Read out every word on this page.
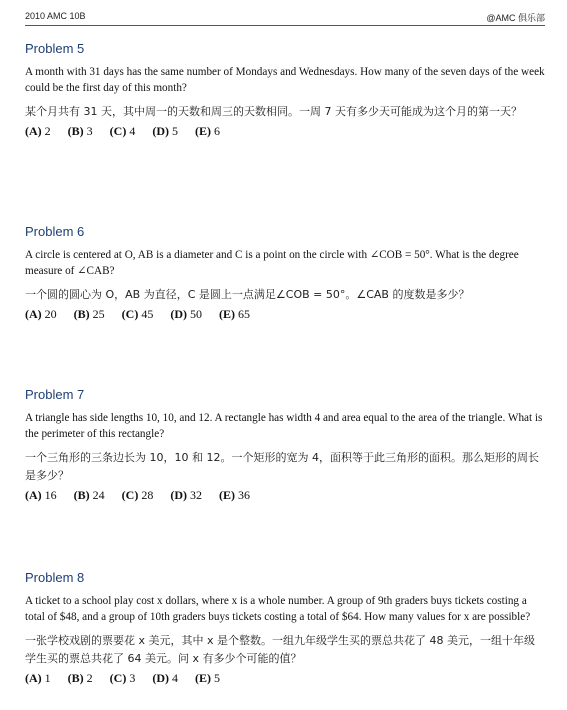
2010 AMC 10B	@AMC 俱乐部
Problem 5
A month with 31 days has the same number of Mondays and Wednesdays. How many of the seven days of the week could be the first day of this month?
某个月共有 31 天，其中周一的天数和周三的天数相同。一周 7 天有多少天可能成为这个月的第一天？
(A) 2 (B) 3 (C) 4 (D) 5 (E) 6
Problem 6
A circle is centered at O, AB is a diameter and C is a point on the circle with ∠COB = 50°. What is the degree measure of ∠CAB?
一个圆的圆心为 O，AB 为直径，C 是圆上一点满足∠COB = 50°。∠CAB 的度数是多少？
(A) 20 (B) 25 (C) 45 (D) 50 (E) 65
Problem 7
A triangle has side lengths 10, 10, and 12. A rectangle has width 4 and area equal to the area of the triangle. What is the perimeter of this rectangle?
一个三角形的三条边长为 10，10 和 12。一个矩形的宽为 4，面积等于此三角形的面积。那么矩形的周长是多少？
(A) 16 (B) 24 (C) 28 (D) 32 (E) 36
Problem 8
A ticket to a school play cost x dollars, where x is a whole number. A group of 9th graders buys tickets costing a total of $48, and a group of 10th graders buys tickets costing a total of $64. How many values for x are possible?
一张学校戏剧的票要花 x 美元，其中 x 是个整数。一组九年级学生买的票总共花了 48 美元，一组十年级学生买的票总共花了 64 美元。问 x 有多少个可能的值？
(A) 1 (B) 2 (C) 3 (D) 4 (E) 5
